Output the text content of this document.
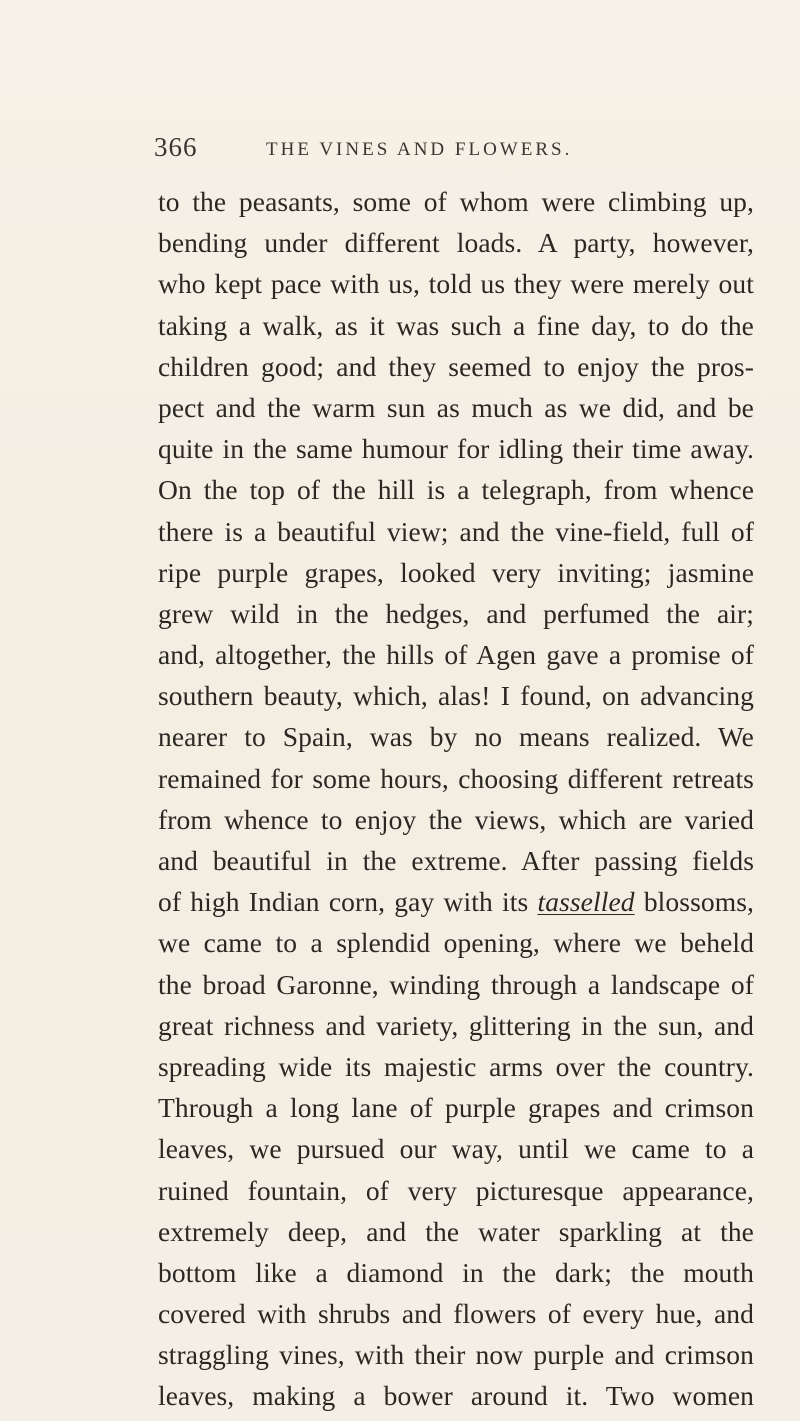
366	THE VINES AND FLOWERS.
to the peasants, some of whom were climbing up,
bending under different loads. A party, however,
who kept pace with us, told us they were merely out
taking a walk, as it was such a fine day, to do the
children good; and they seemed to enjoy the pros-
pect and the warm sun as much as we did, and be
quite in the same humour for idling their time away.
On the top of the hill is a telegraph, from whence
there is a beautiful view; and the vine-field, full of
ripe purple grapes, looked very inviting; jasmine
grew wild in the hedges, and perfumed the air;
and, altogether, the hills of Agen gave a promise of
southern beauty, which, alas! I found, on advancing
nearer to Spain, was by no means realized. We
remained for some hours, choosing different retreats
from whence to enjoy the views, which are varied
and beautiful in the extreme. After passing fields
of high Indian corn, gay with its tasselled blossoms,
we came to a splendid opening, where we beheld
the broad Garonne, winding through a landscape of
great richness and variety, glittering in the sun, and
spreading wide its majestic arms over the country.
Through a long lane of purple grapes and crimson
leaves, we pursued our way, until we came to a
ruined fountain, of very picturesque appearance,
extremely deep, and the water sparkling at the
bottom like a diamond in the dark; the mouth
covered with shrubs and flowers of every hue, and
straggling vines, with their now purple and crimson
leaves, making a bower around it. Two women
